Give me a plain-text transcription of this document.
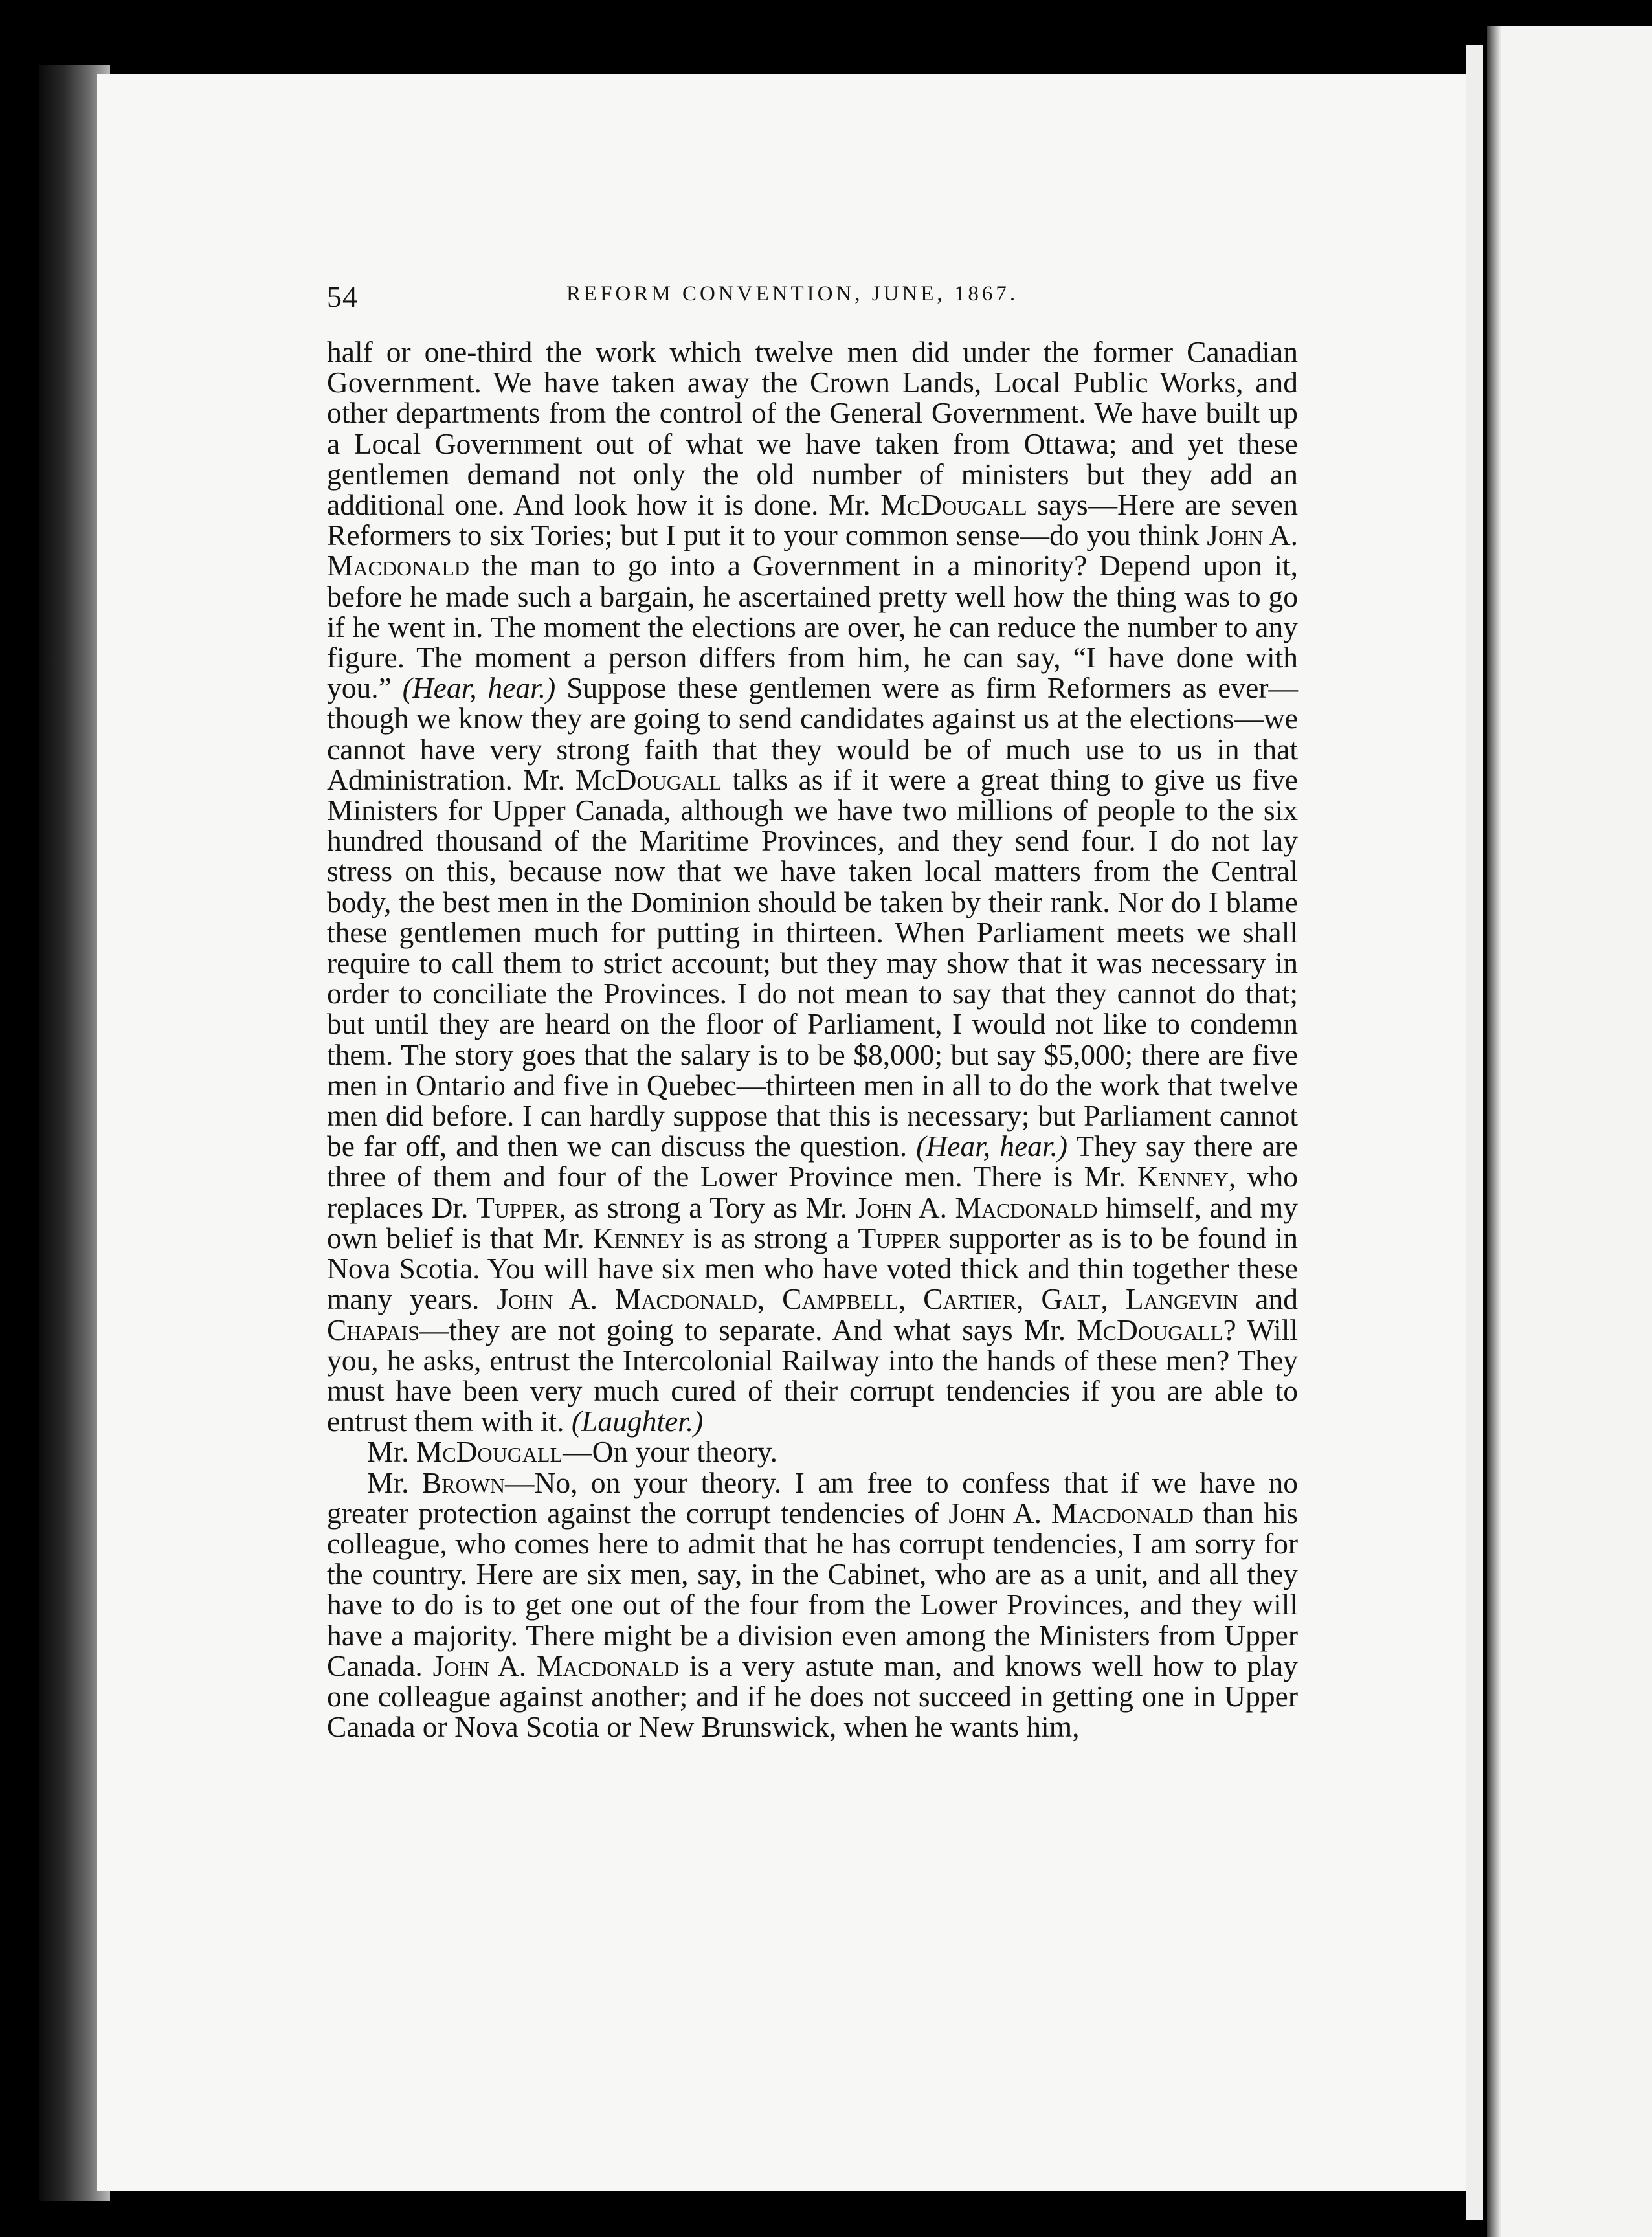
54	REFORM CONVENTION, JUNE, 1867.

half or one-third the work which twelve men did under the former Canadian Government. We have taken away the Crown Lands, Local Public Works, and other departments from the control of the General Government. We have built up a Local Government out of what we have taken from Ottawa; and yet these gentlemen demand not only the old number of ministers but they add an additional one. And look how it is done. Mr. McDougall says—Here are seven Reformers to six Tories; but I put it to your common sense—do you think John A. Macdonald the man to go into a Government in a minority? Depend upon it, before he made such a bargain, he ascertained pretty well how the thing was to go if he went in. The moment the elections are over, he can reduce the number to any figure. The moment a person differs from him, he can say, “I have done with you.” (Hear, hear.) Suppose these gentlemen were as firm Reformers as ever—though we know they are going to send candidates against us at the elections—we cannot have very strong faith that they would be of much use to us in that Administration. Mr. McDougall talks as if it were a great thing to give us five Ministers for Upper Canada, although we have two millions of people to the six hundred thousand of the Maritime Provinces, and they send four. I do not lay stress on this, because now that we have taken local matters from the Central body, the best men in the Dominion should be taken by their rank. Nor do I blame these gentlemen much for putting in thirteen. When Parliament meets we shall require to call them to strict account; but they may show that it was necessary in order to conciliate the Provinces. I do not mean to say that they cannot do that; but until they are heard on the floor of Parliament, I would not like to condemn them. The story goes that the salary is to be $8,000; but say $5,000; there are five men in Ontario and five in Quebec—thirteen men in all to do the work that twelve men did before. I can hardly suppose that this is necessary; but Parliament cannot be far off, and then we can discuss the question. (Hear, hear.) They say there are three of them and four of the Lower Province men. There is Mr. Kenney, who replaces Dr. Tupper, as strong a Tory as Mr. John A. Macdonald himself, and my own belief is that Mr. Kenney is as strong a Tupper supporter as is to be found in Nova Scotia. You will have six men who have voted thick and thin together these many years. John A. Macdonald, Campbell, Cartier, Galt, Langevin and Chapais—they are not going to separate. And what says Mr. McDougall? Will you, he asks, entrust the Intercolonial Railway into the hands of these men? They must have been very much cured of their corrupt tendencies if you are able to entrust them with it. (Laughter.)

Mr. McDougall—On your theory.

Mr. Brown—No, on your theory. I am free to confess that if we have no greater protection against the corrupt tendencies of John A. Macdonald than his colleague, who comes here to admit that he has corrupt tendencies, I am sorry for the country. Here are six men, say, in the Cabinet, who are as a unit, and all they have to do is to get one out of the four from the Lower Provinces, and they will have a majority. There might be a division even among the Ministers from Upper Canada. John A. Macdonald is a very astute man, and knows well how to play one colleague against another; and if he does not succeed in getting one in Upper Canada or Nova Scotia or New Brunswick, when he wants him,
